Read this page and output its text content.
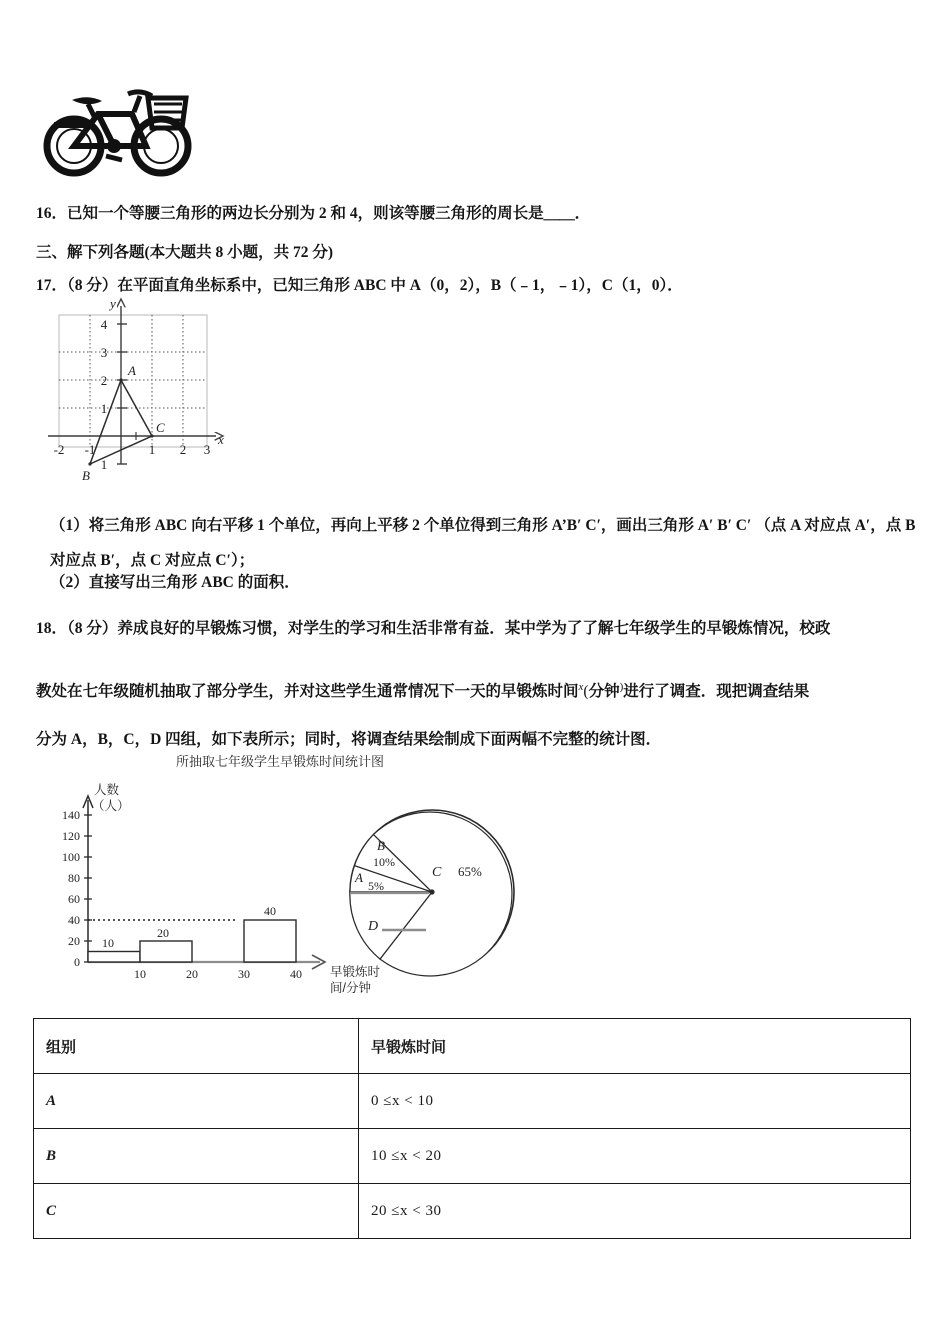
16．已知一个等腰三角形的两边长分别为 2 和 4，则该等腰三角形的周长是＿＿．
三、解下列各题(本大题共 8 小题，共 72 分)
17．（8 分）在平面直角坐标系中，已知三角形 ABC 中 A（0，2），B（﹣1，﹣1），C（1，0）．
x
y
4
3
2
1
1
-2 -1	1 2 3
A
B
C
（1）将三角形 ABC 向右平移 1 个单位，再向上平移 2 个单位得到三角形 A’B′ C′，画出三角形 A′ B′ C′ （点 A 对应点 A′，点 B 对应点 B′，点 C 对应点 C′）；
（2）直接写出三角形 ABC 的面积．
18．（8 分）养成良好的早锻炼习惯，对学生的学习和生活非常有益．某中学为了了解七年级学生的早锻炼情况，校政
教处在七年级随机抽取了部分学生，并对这些学生通常情况下一天的早锻炼时间$^x$(分钟)进行了调查．现把调查结果
分为 A，B，C，D 四组，如下表所示；同时，将调查结果绘制成下面两幅不完整的统计图．
所抽取七年级学生早锻炼时间统计图
0
20
40
60
80
100
120
140
10
20
40
10	20	30	40
人数
（人）
早锻炼时
间/分钟
B
10%
A
5%
C 65%
D
组别	早锻炼时间
A	0 ≤x < 10
B	10 ≤x < 20
C	20 ≤x < 30
